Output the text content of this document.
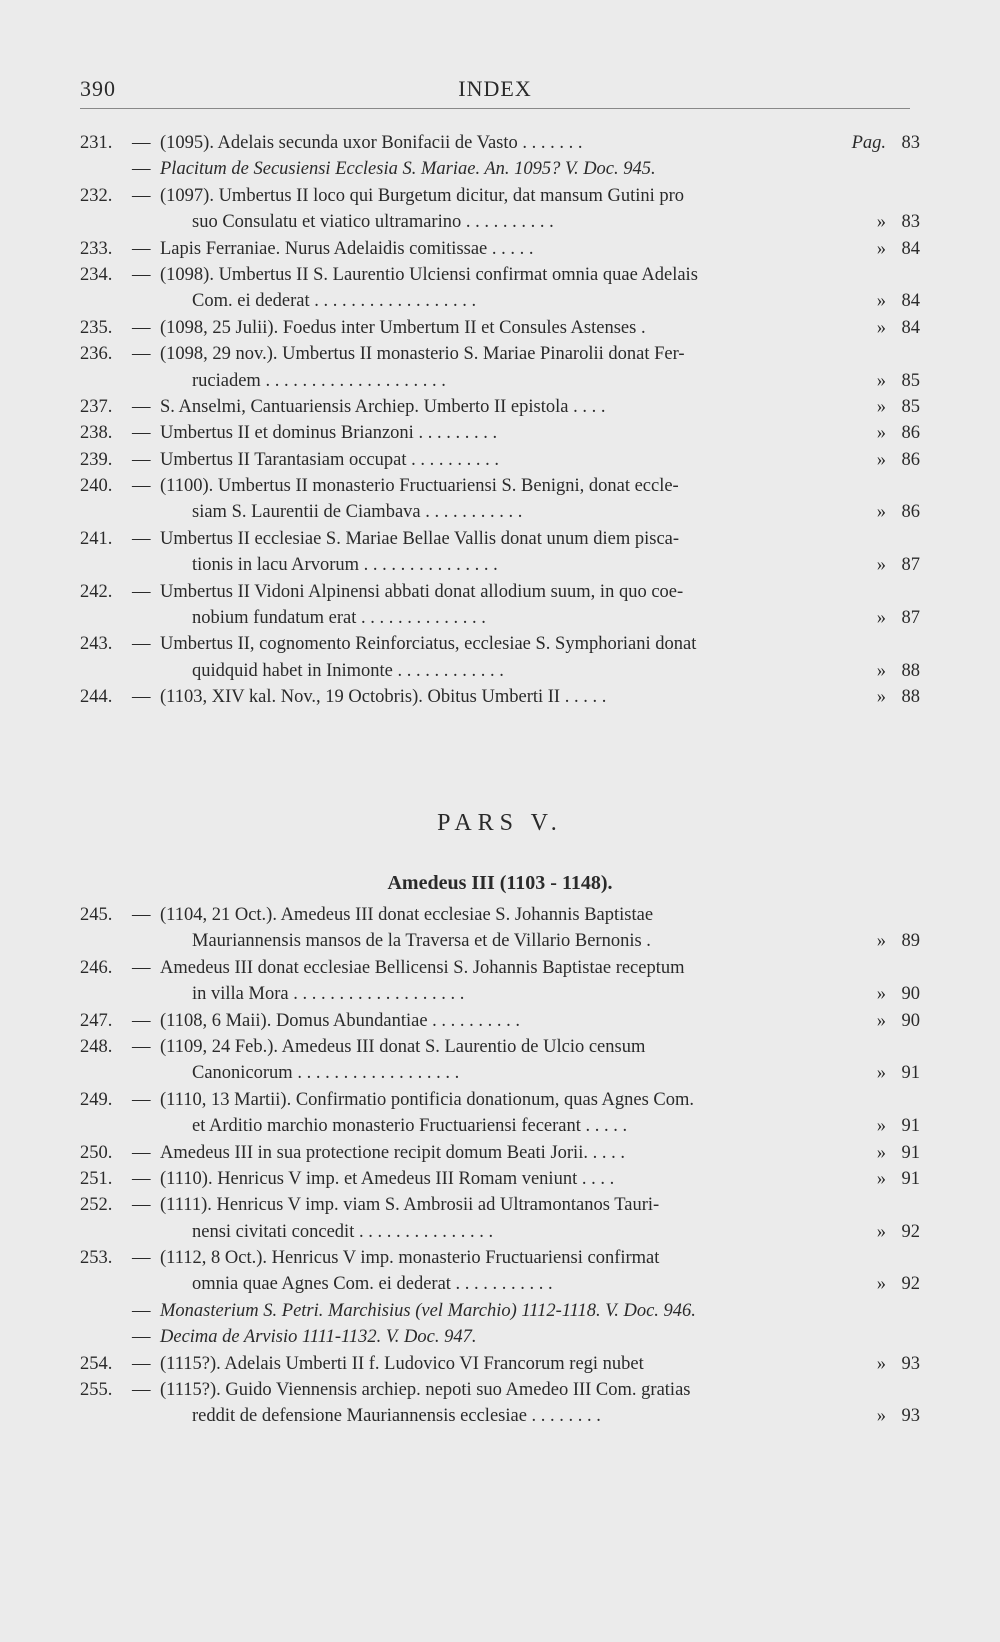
390	INDEX
231.	— (1095). Adelais secunda uxor Bonifacii de Vasto . . . . . . .	Pag. 83
— Placitum de Secusiensi Ecclesia S. Mariae. An. 1095? V. Doc. 945.
232.	— (1097). Umbertus II loco qui Burgetum dicitur, dat mansum Gutini pro
suo Consulatu et viatico ultramarino . . . . . . . . . .	» 83
233.	— Lapis Ferraniae. Nurus Adelaidis comitissae . . . . .	» 84
234.	— (1098). Umbertus II S. Laurentio Ulciensi confirmat omnia quae Adelais
Com. ei dederat . . . . . . . . . . . . . . . . . .	» 84
235.	— (1098, 25 Julii). Foedus inter Umbertum II et Consules Astenses .	» 84
236.	— (1098, 29 nov.). Umbertus II monasterio S. Mariae Pinarolii donat Fer-
ruciadem . . . . . . . . . . . . . . . . . . . .	» 85
237.	— S. Anselmi, Cantuariensis Archiep. Umberto II epistola . . . .	» 85
238.	— Umbertus II et dominus Brianzoni . . . . . . . . .	» 86
239.	— Umbertus II Tarantasiam occupat . . . . . . . . . .	» 86
240.	— (1100). Umbertus II monasterio Fructuariensi S. Benigni, donat eccle-
siam S. Laurentii de Ciambava . . . . . . . . . . .	» 86
241.	— Umbertus II ecclesiae S. Mariae Bellae Vallis donat unum diem pisca-
tionis in lacu Arvorum . . . . . . . . . . . . . . .	» 87
242.	— Umbertus II Vidoni Alpinensi abbati donat allodium suum, in quo coe-
nobium fundatum erat . . . . . . . . . . . . . .	» 87
243.	— Umbertus II, cognomento Reinforciatus, ecclesiae S. Symphoriani donat
quidquid habet in Inimonte . . . . . . . . . . . .	» 88
244.	— (1103, XIV kal. Nov., 19 Octobris). Obitus Umberti II . . . . .	» 88
PARS V.
Amedeus III (1103 - 1148).
245.	— (1104, 21 Oct.). Amedeus III donat ecclesiae S. Johannis Baptistae
Mauriannensis mansos de la Traversa et de Villario Bernonis .	» 89
246.	— Amedeus III donat ecclesiae Bellicensi S. Johannis Baptistae receptum
in villa Mora . . . . . . . . . . . . . . . . . . .	» 90
247.	— (1108, 6 Maii). Domus Abundantiae . . . . . . . . . .	» 90
248.	— (1109, 24 Feb.). Amedeus III donat S. Laurentio de Ulcio censum
Canonicorum . . . . . . . . . . . . . . . . . .	» 91
249.	— (1110, 13 Martii). Confirmatio pontificia donationum, quas Agnes Com.
et Arditio marchio monasterio Fructuariensi fecerant . . . . .	» 91
250.	— Amedeus III in sua protectione recipit domum Beati Jorii. . . . .	» 91
251.	— (1110). Henricus V imp. et Amedeus III Romam veniunt . . . .	» 91
252.	— (1111). Henricus V imp. viam S. Ambrosii ad Ultramontanos Tauri-
nensi civitati concedit . . . . . . . . . . . . . . .	» 92
253.	— (1112, 8 Oct.). Henricus V imp. monasterio Fructuariensi confirmat
omnia quae Agnes Com. ei dederat . . . . . . . . . . .	» 92
— Monasterium S. Petri. Marchisius (vel Marchio) 1112-1118. V. Doc. 946.
— Decima de Arvisio 1111-1132. V. Doc. 947.
254.	— (1115?). Adelais Umberti II f. Ludovico VI Francorum regi nubet	» 93
255.	— (1115?). Guido Viennensis archiep. nepoti suo Amedeo III Com. gratias
reddit de defensione Mauriannensis ecclesiae . . . . . . . .	» 93
